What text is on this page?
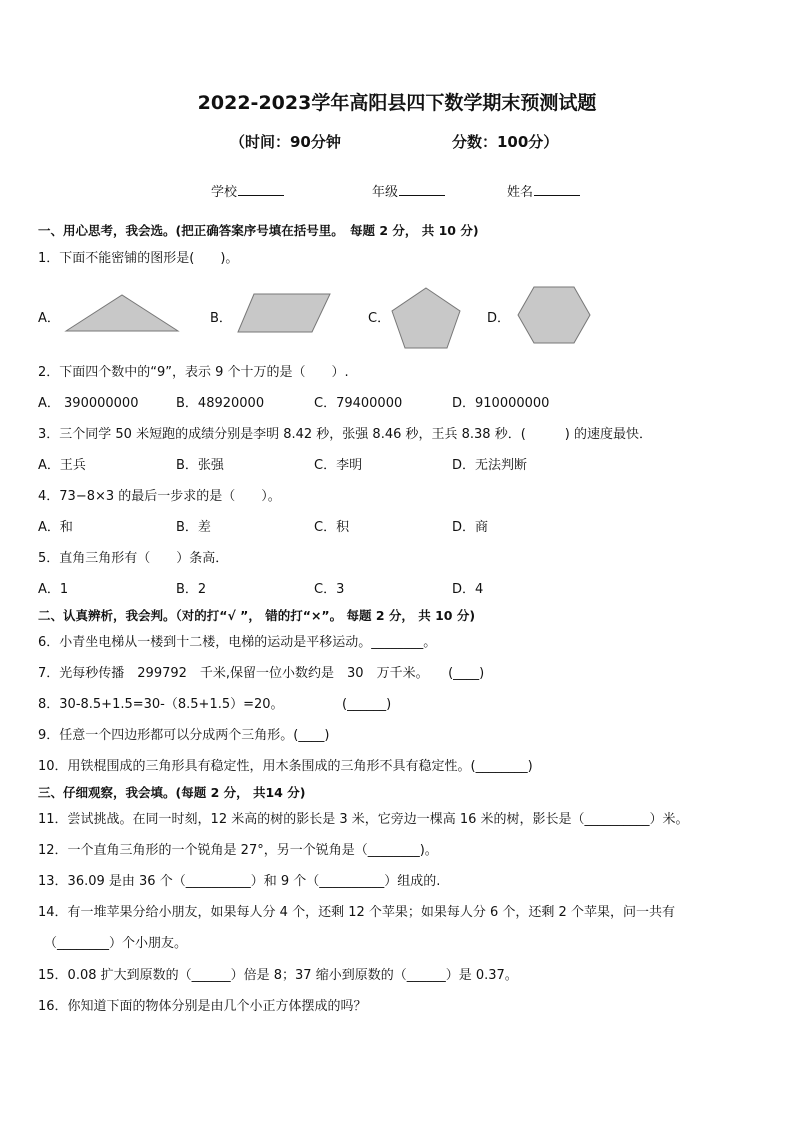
2022-2023学年高阳县四下数学期末预测试题
（时间：90分钟	分数：100分）
学校	年级	姓名
一、用心思考，我会选。(把正确答案序号填在括号里。　每题 2 分， 共 10 分)
1．下面不能密铺的图形是(　　)。
A．	B．	C．	D．
2．下面四个数中的“9”，表示 9 个十万的是（　　）.
A． 390000000	B．48920000	C．79400000	D．910000000
3．三个同学 50 米短跑的成绩分别是李明 8.42 秒，张强 8.46 秒，王兵 8.38 秒．(　　　) 的速度最快．
A．王兵	B．张强	C．李明	D．无法判断
4．73−8×3 的最后一步求的是（　　）。
A．和	B．差	C．积	D．商
5．直角三角形有（　　）条高．
A．1	B．2	C．3	D．4
二、认真辨析，我会判。（对的打“√ ”， 错的打“×”。 每题 2 分， 共 10 分)
6．小青坐电梯从一楼到十二楼，电梯的运动是平移运动。________。
7．光每秒传播　299792　千米,保留一位小数约是　30　万千米。　　(____)
8．30-8.5+1.5=30-（8.5+1.5）=20。　　　　　(______)
9．任意一个四边形都可以分成两个三角形。(____)
10．用铁棍围成的三角形具有稳定性，用木条围成的三角形不具有稳定性。(________)
三、仔细观察，我会填。(每题 2 分， 共14 分)
11．尝试挑战。在同一时刻，12 米高的树的影长是 3 米，它旁边一棵高 16 米的树，影长是（__________）米。
12．一个直角三角形的一个锐角是 27°，另一个锐角是（________)。
13．36.09 是由 36 个（__________）和 9 个（__________）组成的.
14．有一堆苹果分给小朋友，如果每人分 4 个，还剩 12 个苹果；如果每人分 6 个，还剩 2 个苹果，问一共有
（________）个小朋友。
15．0.08 扩大到原数的（______）倍是 8；37 缩小到原数的（______）是 0.37。
16．你知道下面的物体分别是由几个小正方体摆成的吗？
